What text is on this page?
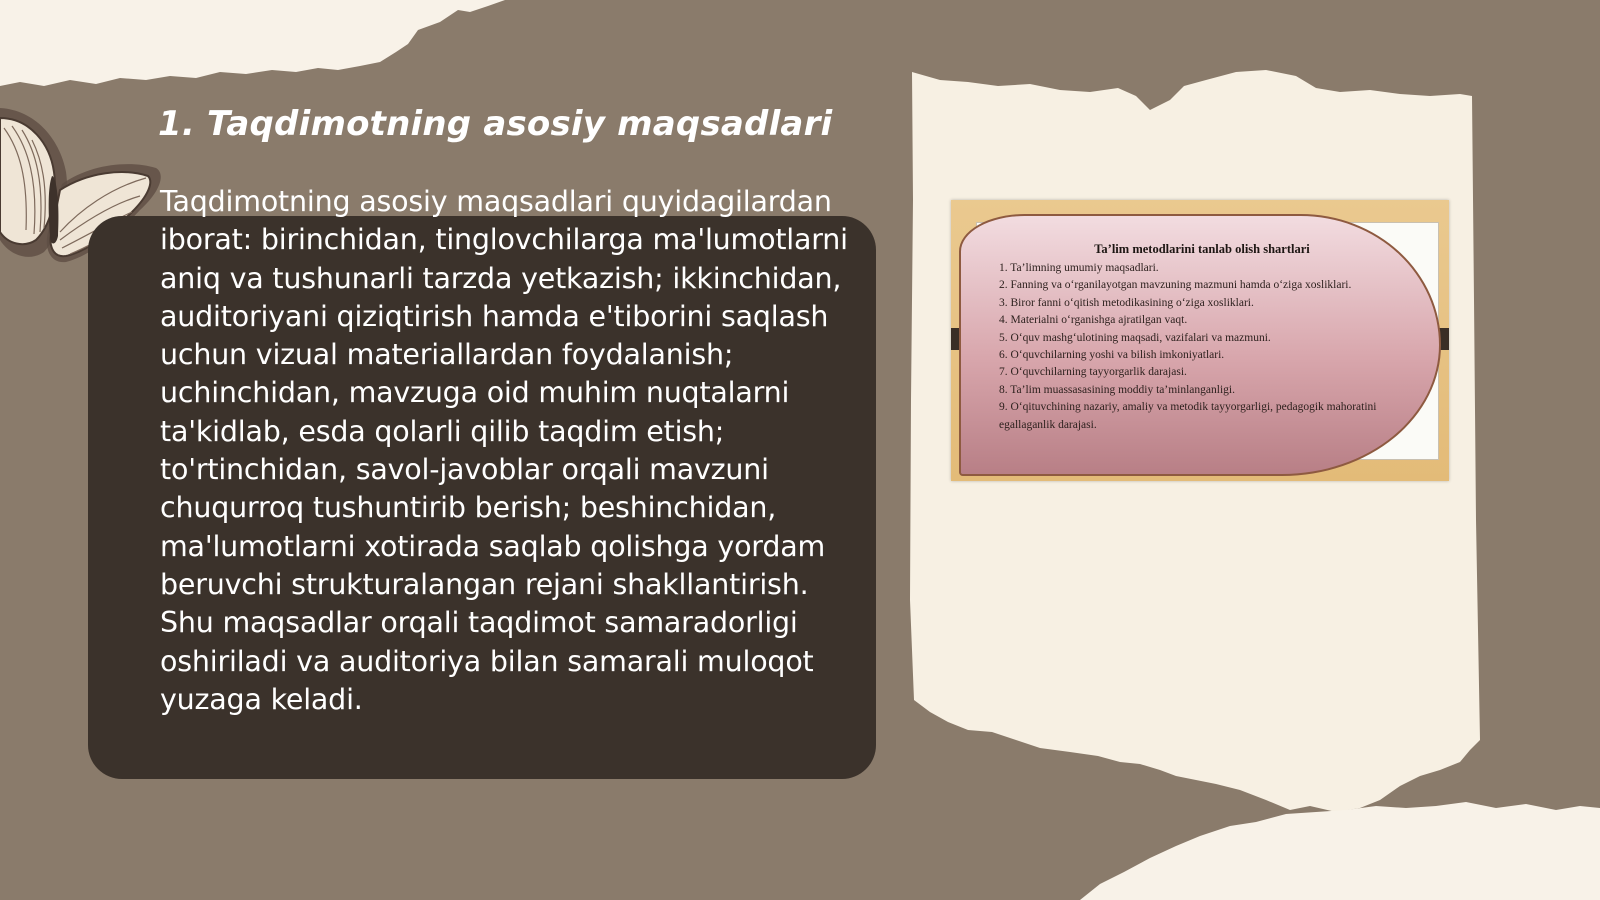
1. Taqdimotning asosiy maqsadlari

Taqdimotning asosiy maqsadlari quyidagilardan iborat: birinchidan, tinglovchilarga ma'lumotlarni aniq va tushunarli tarzda yetkazish; ikkinchidan, auditoriyani qiziqtirish hamda e'tiborini saqlash uchun vizual materiallardan foydalanish; uchinchidan, mavzuga oid muhim nuqtalarni ta'kidlab, esda qolarli qilib taqdim etish; to'rtinchidan, savol-javoblar orqali mavzuni chuqurroq tushuntirib berish; beshinchidan, ma'lumotlarni xotirada saqlab qolishga yordam beruvchi strukturalangan rejani shakllantirish. Shu maqsadlar orqali taqdimot samaradorligi oshiriladi va auditoriya bilan samarali muloqot yuzaga keladi.

Ta’lim metodlarini tanlab olish shartlari
1. Ta’limning umumiy maqsadlari.
2. Fanning va o‘rganilayotgan mavzuning mazmuni hamda o‘ziga xosliklari.
3. Biror fanni o‘qitish metodikasining o‘ziga xosliklari.
4. Materialni o‘rganishga ajratilgan vaqt.
5. O‘quv mashg‘ulotining maqsadi, vazifalari va mazmuni.
6. O‘quvchilarning yoshi va bilish imkoniyatlari.
7. O‘quvchilarning tayyorgarlik darajasi.
8. Ta’lim muassasasining moddiy ta’minlanganligi.
9. O‘qituvchining nazariy, amaliy va metodik tayyorgarligi, pedagogik mahoratini egallaganlik darajasi.
